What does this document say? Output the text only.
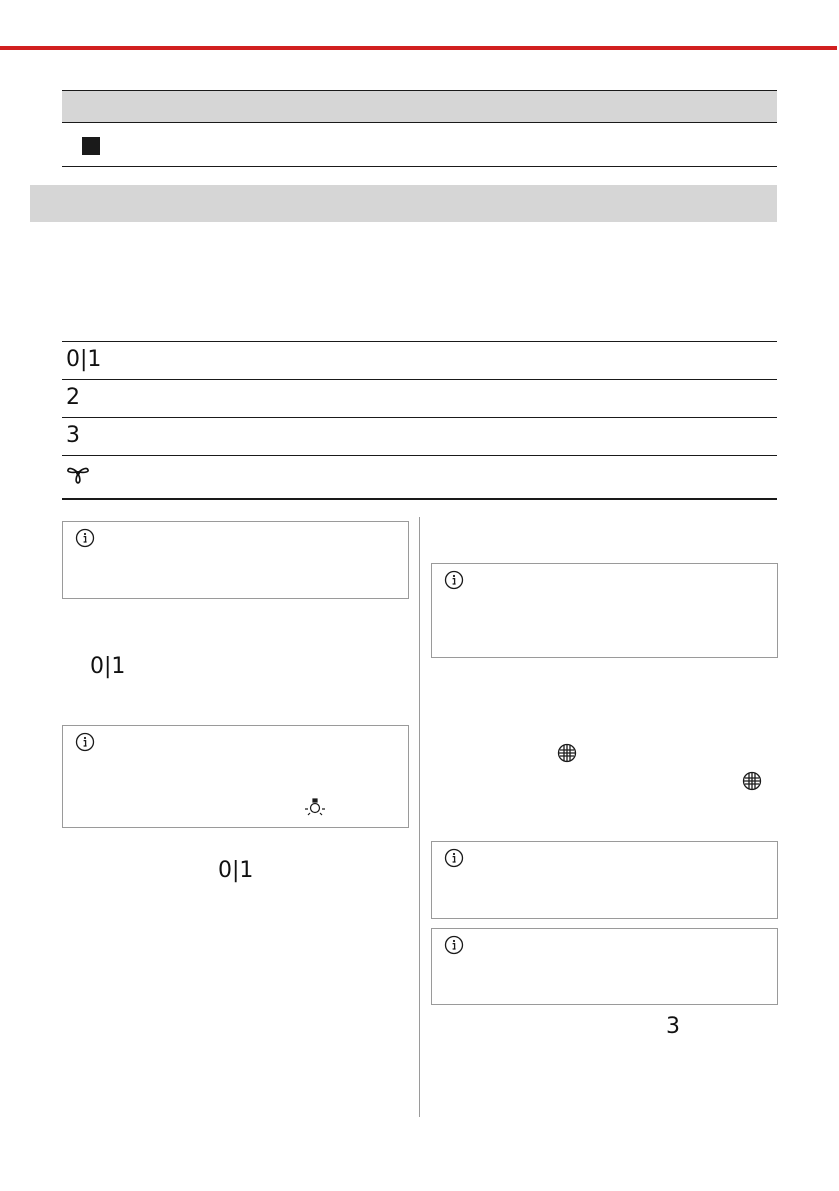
0|1
2
3
0|1
0|1
3
